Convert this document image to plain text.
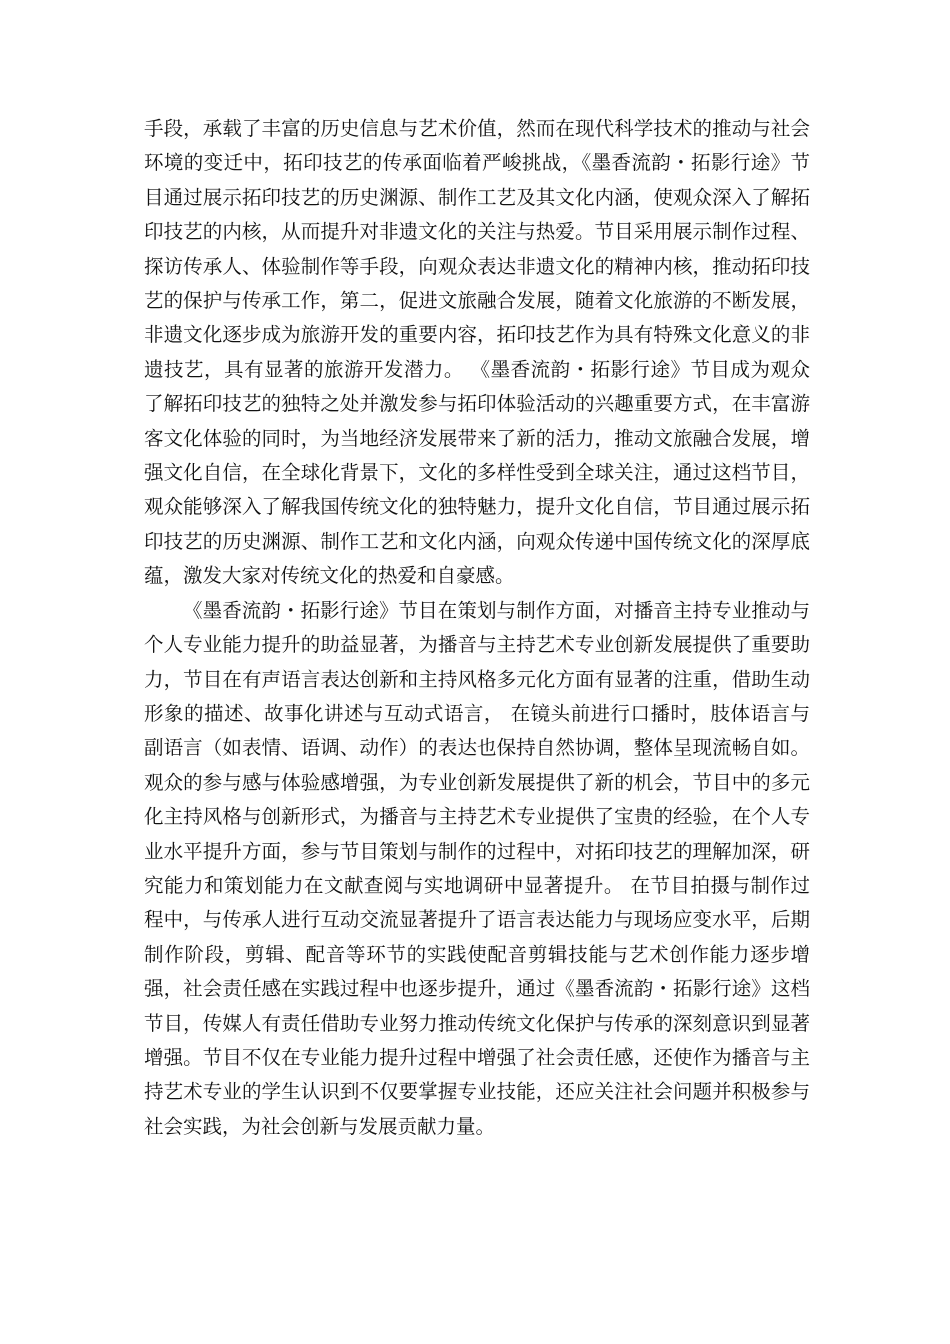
手段，承载了丰富的历史信息与艺术价值，然而在现代科学技术的推动与社会环境的变迁中，拓印技艺的传承面临着严峻挑战，《墨香流韵・拓影行途》节目通过展示拓印技艺的历史渊源、制作工艺及其文化内涵，使观众深入了解拓印技艺的内核，从而提升对非遗文化的关注与热爱。节目采用展示制作过程、探访传承人、体验制作等手段，向观众表达非遗文化的精神内核，推动拓印技艺的保护与传承工作，第二，促进文旅融合发展，随着文化旅游的不断发展，非遗文化逐步成为旅游开发的重要内容，拓印技艺作为具有特殊文化意义的非遗技艺，具有显著的旅游开发潜力。 《墨香流韵・拓影行途》节目成为观众了解拓印技艺的独特之处并激发参与拓印体验活动的兴趣重要方式，在丰富游客文化体验的同时，为当地经济发展带来了新的活力，推动文旅融合发展，增强文化自信，在全球化背景下，文化的多样性受到全球关注，通过这档节目，观众能够深入了解我国传统文化的独特魅力，提升文化自信，节目通过展示拓印技艺的历史渊源、制作工艺和文化内涵，向观众传递中国传统文化的深厚底蕴，激发大家对传统文化的热爱和自豪感。

《墨香流韵・拓影行途》节目在策划与制作方面，对播音主持专业推动与个人专业能力提升的助益显著，为播音与主持艺术专业创新发展提供了重要助力，节目在有声语言表达创新和主持风格多元化方面有显著的注重，借助生动形象的描述、故事化讲述与互动式语言， 在镜头前进行口播时，肢体语言与副语言（如表情、语调、动作）的表达也保持自然协调，整体呈现流畅自如。观众的参与感与体验感增强，为专业创新发展提供了新的机会，节目中的多元化主持风格与创新形式，为播音与主持艺术专业提供了宝贵的经验，在个人专业水平提升方面，参与节目策划与制作的过程中，对拓印技艺的理解加深，研究能力和策划能力在文献查阅与实地调研中显著提升。 在节目拍摄与制作过程中，与传承人进行互动交流显著提升了语言表达能力与现场应变水平，后期制作阶段，剪辑、配音等环节的实践使配音剪辑技能与艺术创作能力逐步增强，社会责任感在实践过程中也逐步提升，通过《墨香流韵・拓影行途》这档节目，传媒人有责任借助专业努力推动传统文化保护与传承的深刻意识到显著增强。节目不仅在专业能力提升过程中增强了社会责任感，还使作为播音与主持艺术专业的学生认识到不仅要掌握专业技能，还应关注社会问题并积极参与社会实践，为社会创新与发展贡献力量。
